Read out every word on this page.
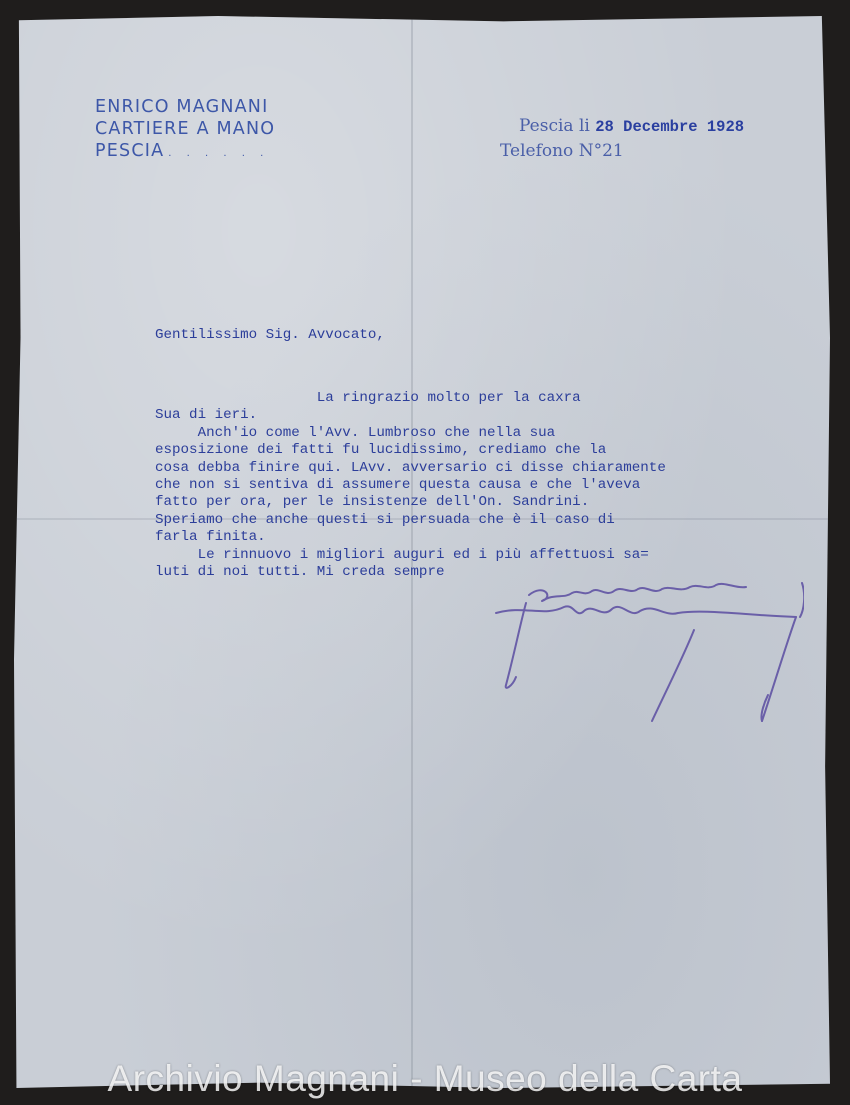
ENRICO MAGNANI
CARTIERE A MANO
PESCIA . . . . . .
Pescia li 28 Decembre 1928
Telefono N°21
Gentilissimo Sig. Avvocato,
La ringrazio molto per la caxra
Sua di ieri.
Anch'io come l'Avv. Lumbroso che nella sua
esposizione dei fatti fu lucidissimo, crediamo che la
cosa debba finire qui. LAvv. avversario ci disse chiaramente
che non si sentiva di assumere questa causa e che l'aveva
fatto per ora, per le insistenze dell'On. Sandrini.
Speriamo che anche questi si persuada che è il caso di
farla finita.
Le rinnuovo i migliori auguri ed i più affettuosi sa=
luti di noi tutti. Mi creda sempre
Archivio Magnani - Museo della Carta
